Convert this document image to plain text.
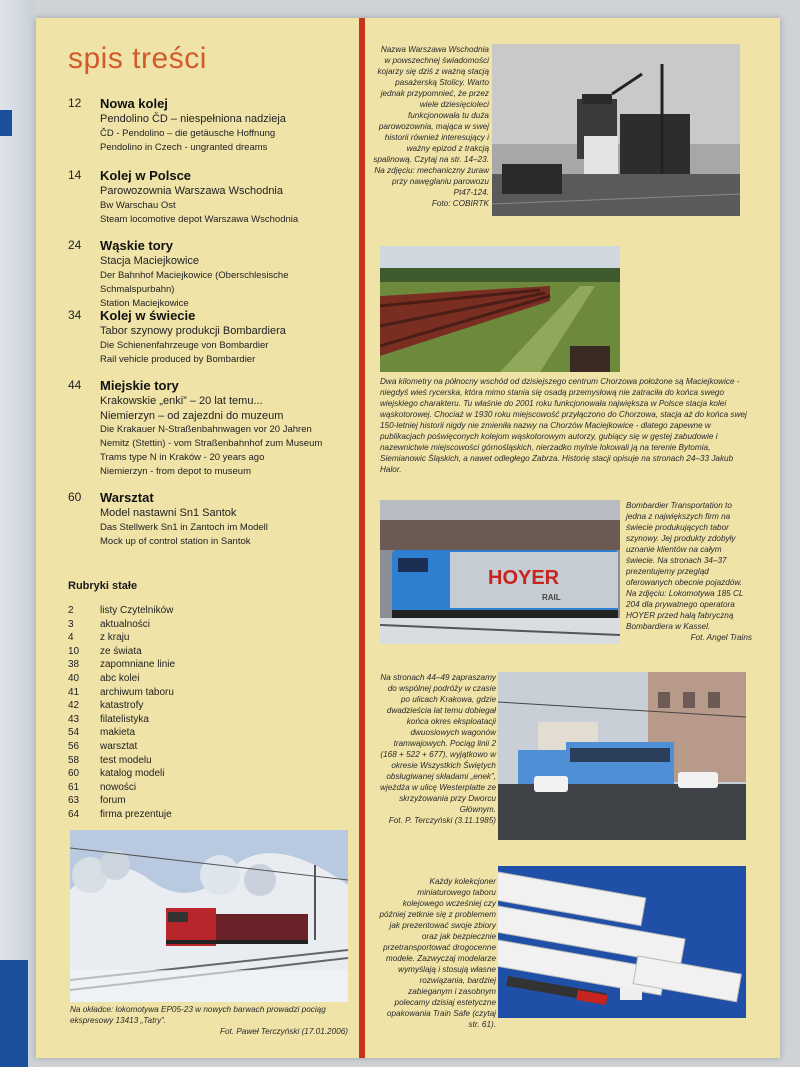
spis treści
12 Nowa kolej
Pendolino ČD – niespełniona nadzieja
ČD - Pendolino – die getäusche Hoffnung
Pendolino in Czech - ungranted dreams
14 Kolej w Polsce
Parowozownia Warszawa Wschodnia
Bw Warschau Ost
Steam locomotive depot Warszawa Wschodnia
24 Wąskie tory
Stacja Maciejkowice
Der Bahnhof Maciejkowice (Oberschlesische Schmalspurbahn)
Station Maciejkowice
34 Kolej w świecie
Tabor szynowy produkcji Bombardiera
Die Schienenfahrzeuge von Bombardier
Rail vehicle produced by Bombardier
44 Miejskie tory
Krakowskie „enki” – 20 lat temu...
Niemierzyn – od zajezdni do muzeum
Die Krakauer N-Straßenbahnwagen vor 20 Jahren
Nemitz (Stettin) - vom Straßenbahnhof zum Museum
Trams type N in Kraków - 20 years ago
Niemierzyn - from depot to museum
60 Warsztat
Model nastawni Sn1 Santok
Das Stellwerk Sn1 in Zantoch im Modell
Mock up of control station in Santok
Rubryki stałe
2	listy Czytelników
3	aktualności
4	z kraju
10 ze świata
38 zapomniane linie
40 abc kolei
41 archiwum taboru
42 katastrofy
43 filatelistyka
54 makieta
56 warsztat
58 test modelu
60 katalog modeli
61 nowości
63 forum
64 firma prezentuje
Na okładce: lokomotywa EP05-23 w nowych barwach prowadzi pociąg ekspresowy 13413 „Tatry”.
Fot. Paweł Terczyński (17.01.2006)
Nazwa Warszawa Wschodnia w powszechnej świadomości kojarzy się dziś z ważną stacją pasażerską Stolicy. Warto jednak przypomnieć, że przez wiele dziesięcioleci funkcjonowała tu duża parowozownia, mająca w swej historii również interesujący i ważny epizod z trakcją spalinową. Czytaj na str. 14–23. Na zdjęciu: mechaniczny żuraw przy nawęglaniu parowozu Pt47-124.
Foto: COBIRTK
Dwa kilometry na północny wschód od dzisiejszego centrum Chorzowa położone są Maciejkowice - niegdyś wieś rycerska, która mimo stania się osadą przemysłową nie zatraciła do końca swego wiejskiego charakteru. Tu właśnie do 2001 roku funkcjonowała największa w Polsce stacja kolei wąskotorowej. Chociaż w 1930 roku miejscowość przyłączono do Chorzowa, stacja aż do końca swej 150-letniej historii nigdy nie zmieniła nazwy na Chorzów Maciejkowice - dlatego zapewne w publikacjach poświęconych kolejom wąskotorowym autorzy, gubiący się w gęstej zabudowie i nazewnictwie miejscowości górnośląskich, nierzadko mylnie lokowali ją na terenie Bytomia, Siemianowic Śląskich, a nawet odległego Zabrza. Historię stacji opisuje na stronach 24–33 Jakub Halor.
HOYER
RAIL
Bombardier Transportation to jedna z największych firm na świecie produkujących tabor szynowy. Jej produkty zdobyły uznanie klientów na całym świecie. Na stronach 34–37 prezentujemy przegląd oferowanych obecnie pojazdów. Na zdjęciu: Lokomotywa 185 CL 204 dla prywatnego operatora HOYER przed halą fabryczną Bombardiera w Kassel.
Fot. Angel Trains
Na stronach 44–49 zapraszamy do wspólnej podróży w czasie po ulicach Krakowa, gdzie dwadzieścia lat temu dobiegał końca okres eksploatacji dwuosiowych wagonów tramwajowych. Pociąg linii 2 (168 + 522 + 677), wyjątkowo w okresie Wszystkich Świętych obsługiwanej składami „enek”, wjeżdża w ulicę Westerplatte ze skrzyżowania przy Dworcu Głównym.
Fot. P. Terczyński (3.11.1985)
Każdy kolekcjoner miniaturowego taboru kolejowego wcześniej czy później zetknie się z problemem jak prezentować swoje zbiory oraz jak bezpiecznie przetransportować drogocenne modele. Zazwyczaj modelarze wymyślają i stosują własne rozwiązania, bardziej zabieganym i zasobnym polecamy dzisiaj estetyczne opakowania Train Safe (czytaj str. 61).
